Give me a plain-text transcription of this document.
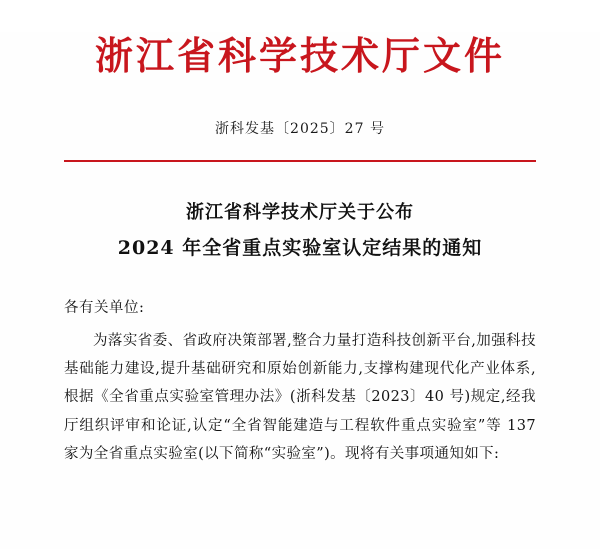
浙江省科学技术厅文件
浙科发基〔2025〕27 号
浙江省科学技术厅关于公布
2024 年全省重点实验室认定结果的通知
各有关单位:
为落实省委、省政府决策部署,整合力量打造科技创新平台,加强科技基础能力建设,提升基础研究和原始创新能力,支撑构建现代化产业体系,根据《全省重点实验室管理办法》(浙科发基〔2023〕40 号)规定,经我厅组织评审和论证,认定“全省智能建造与工程软件重点实验室”等 137 家为全省重点实验室(以下简称“实验室”)。现将有关事项通知如下:
